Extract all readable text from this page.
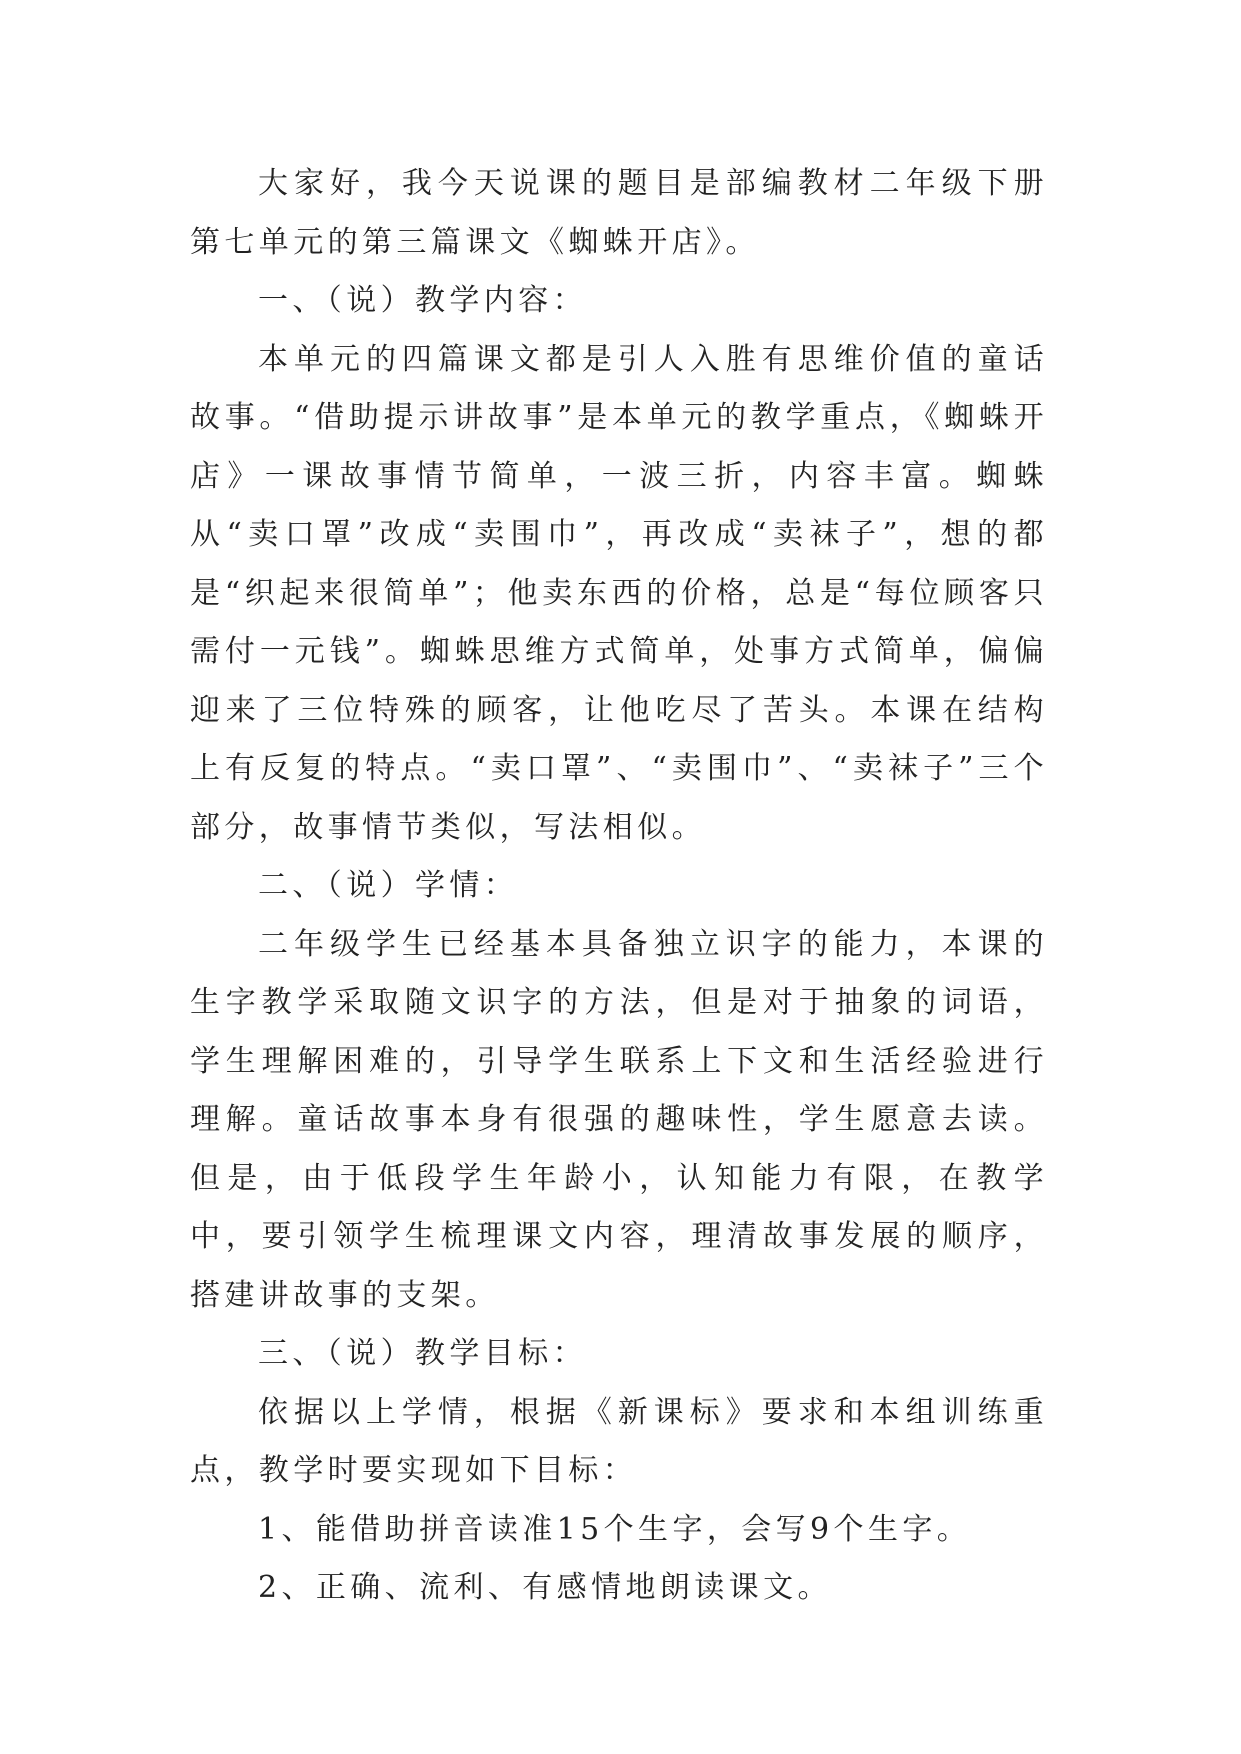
大家好，我今天说课的题目是部编教材二年级下册第七单元的第三篇课文《蜘蛛开店》。

一、（说）教学内容：

本单元的四篇课文都是引人入胜有思维价值的童话故事。“借助提示讲故事”是本单元的教学重点，《蜘蛛开店》一课故事情节简单，一波三折，内容丰富。蜘蛛从“卖口罩”改成“卖围巾”，再改成“卖袜子”，想的都是“织起来很简单”；他卖东西的价格，总是“每位顾客只需付一元钱”。蜘蛛思维方式简单，处事方式简单，偏偏迎来了三位特殊的顾客，让他吃尽了苦头。本课在结构上有反复的特点。“卖口罩”、“卖围巾”、“卖袜子”三个部分，故事情节类似，写法相似。

二、（说）学情：

二年级学生已经基本具备独立识字的能力，本课的生字教学采取随文识字的方法，但是对于抽象的词语，学生理解困难的，引导学生联系上下文和生活经验进行理解。童话故事本身有很强的趣味性，学生愿意去读。但是，由于低段学生年龄小，认知能力有限，在教学中，要引领学生梳理课文内容，理清故事发展的顺序，搭建讲故事的支架。

三、（说）教学目标：

依据以上学情，根据《新课标》要求和本组训练重点，教学时要实现如下目标：

1、能借助拼音读准15个生字，会写9个生字。

2、正确、流利、有感情地朗读课文。
